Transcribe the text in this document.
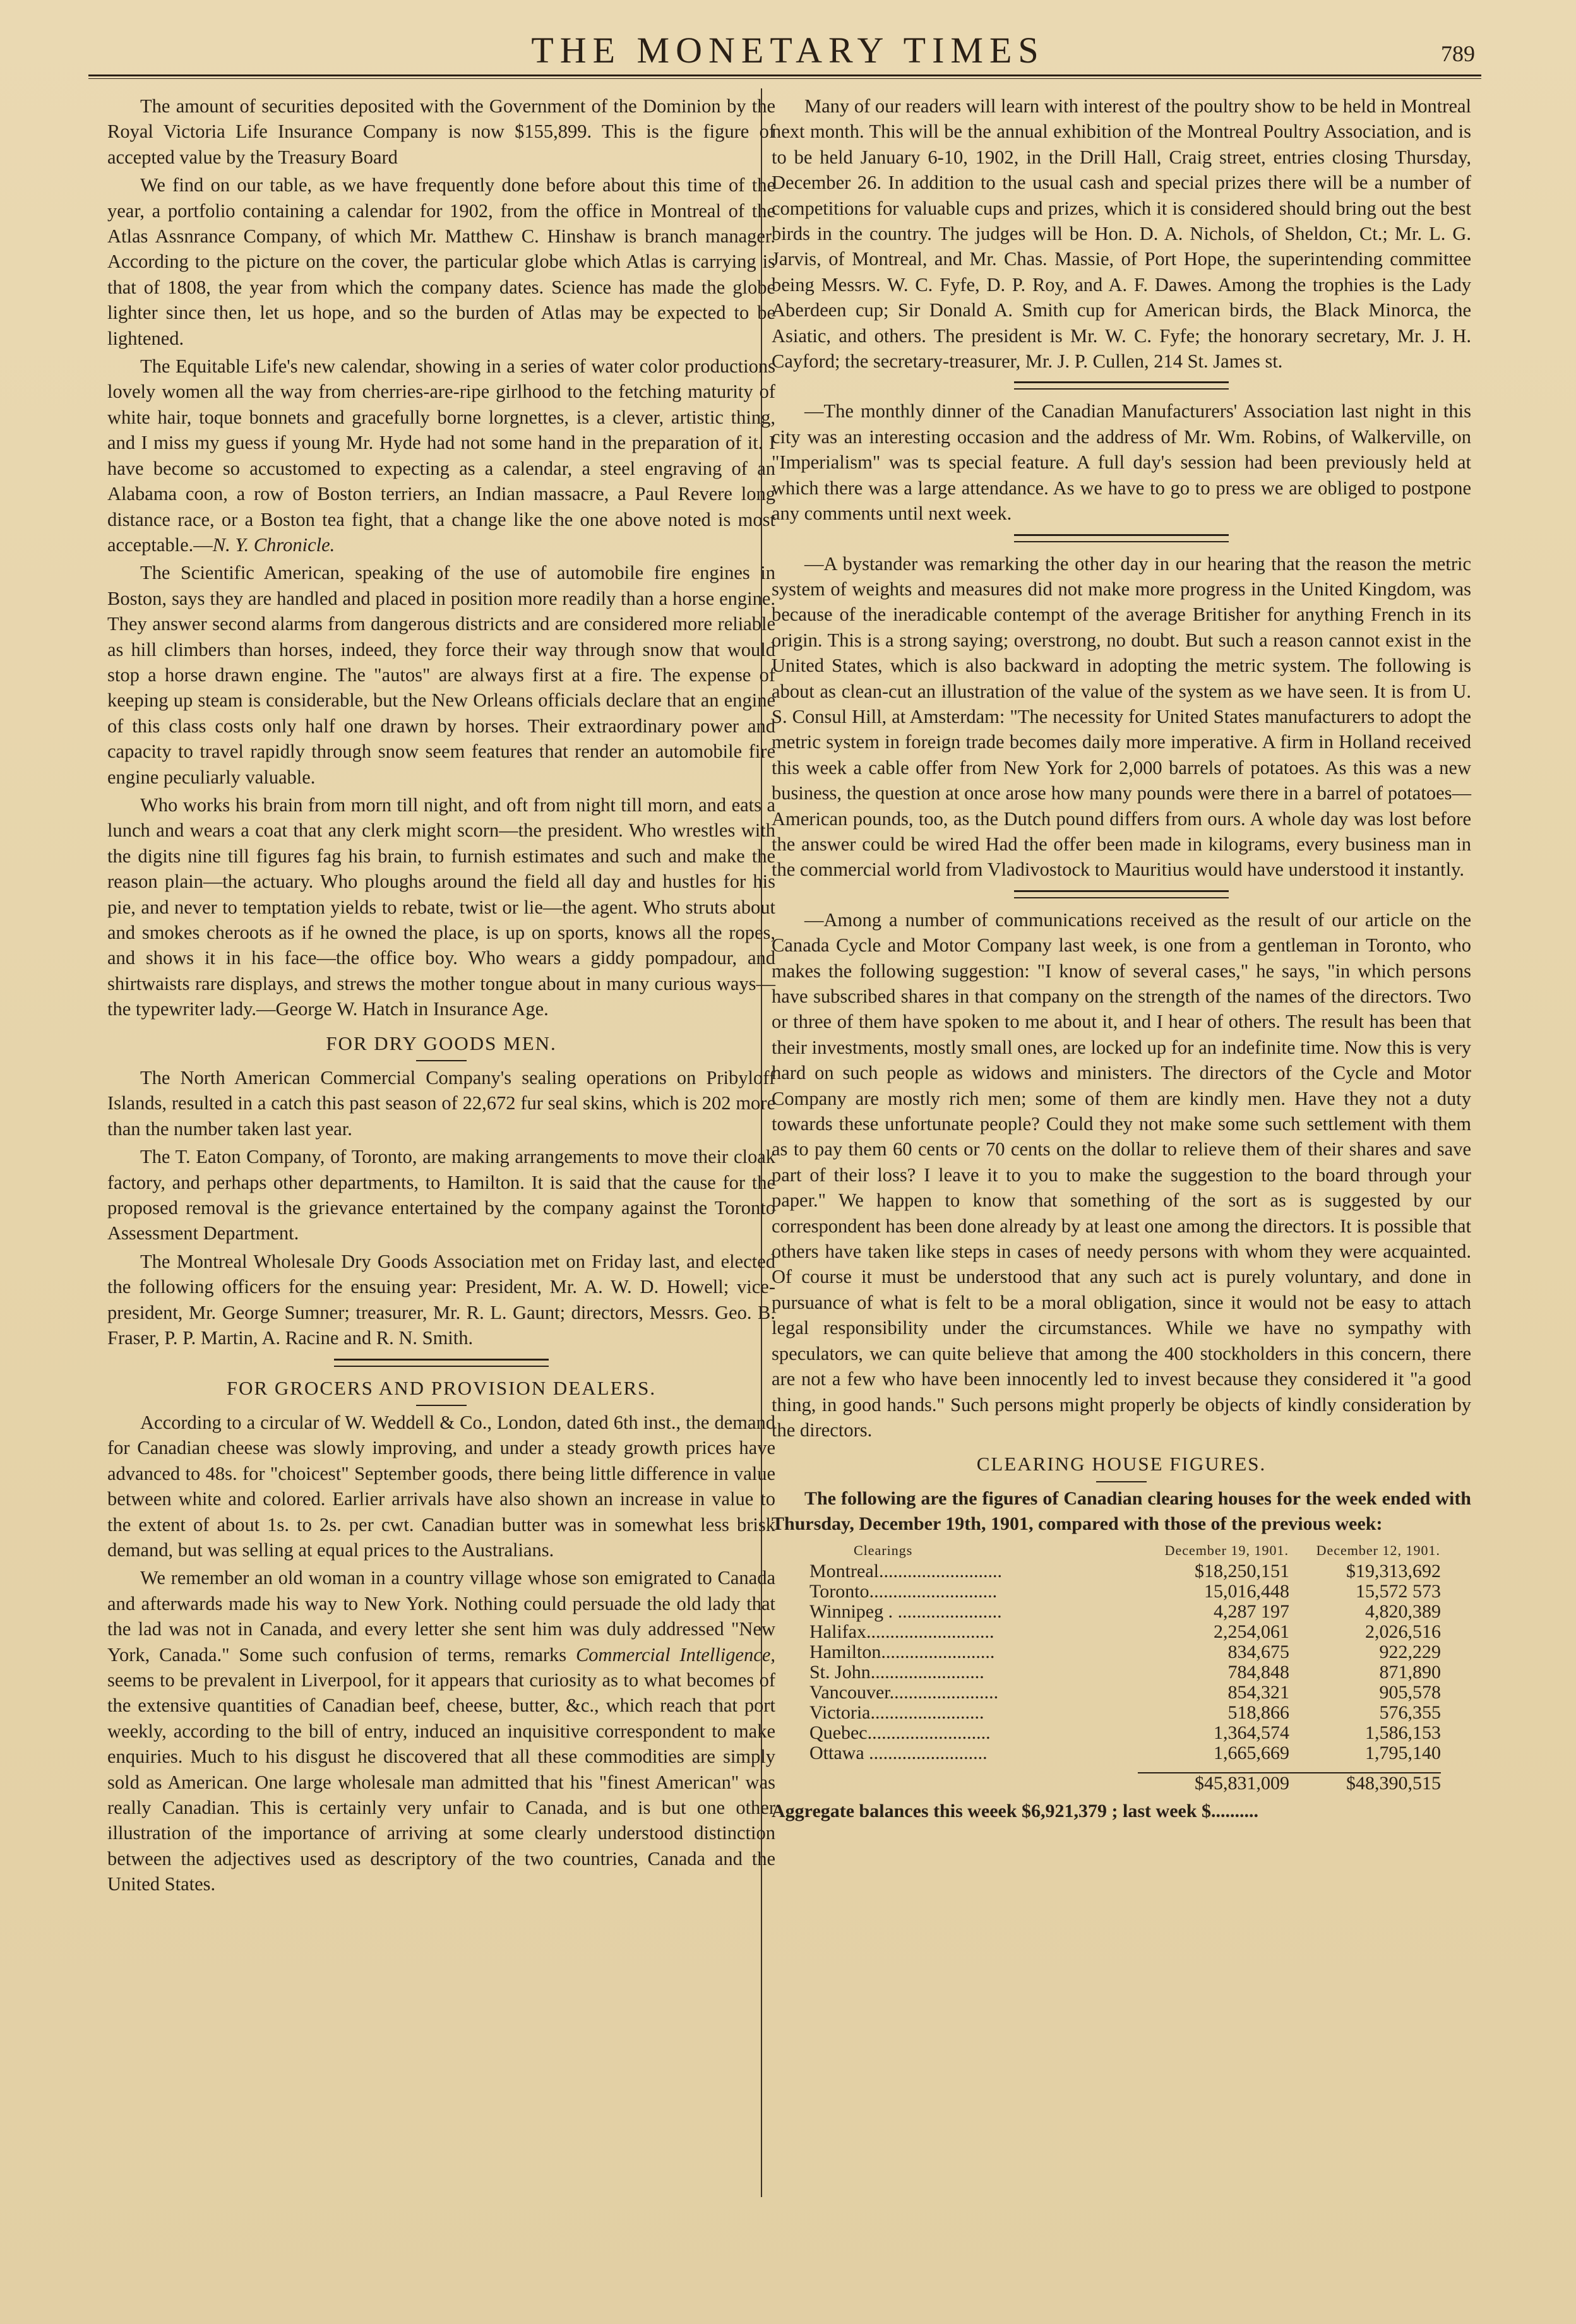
THE MONETARY TIMES	789

The amount of securities deposited with the Government of the Dominion by the Royal Victoria Life Insurance Company is now $155,899. This is the figure of accepted value by the Treasury Board

We find on our table, as we have frequently done before about this time of the year, a portfolio containing a calendar for 1902, from the office in Montreal of the Atlas Assnrance Company, of which Mr. Matthew C. Hinshaw is branch manager. According to the picture on the cover, the particular globe which Atlas is carrying is that of 1808, the year from which the company dates. Science has made the globe lighter since then, let us hope, and so the burden of Atlas may be expected to be lightened.

The Equitable Life's new calendar, showing in a series of water color productions lovely women all the way from cherries-are-ripe girlhood to the fetching maturity of white hair, toque bonnets and gracefully borne lorgnettes, is a clever, artistic thing, and I miss my guess if young Mr. Hyde had not some hand in the preparation of it. I have become so accustomed to expecting as a calendar, a steel engraving of an Alabama coon, a row of Boston terriers, an Indian massacre, a Paul Revere long distance race, or a Boston tea fight, that a change like the one above noted is most acceptable.—N. Y. Chronicle.

The Scientific American, speaking of the use of automobile fire engines in Boston, says they are handled and placed in position more readily than a horse engine. They answer second alarms from dangerous districts and are considered more reliable as hill climbers than horses, indeed, they force their way through snow that would stop a horse drawn engine. The "autos" are always first at a fire. The expense of keeping up steam is considerable, but the New Orleans officials declare that an engine of this class costs only half one drawn by horses. Their extraordinary power and capacity to travel rapidly through snow seem features that render an automobile fire engine peculiarly valuable.

Who works his brain from morn till night, and oft from night till morn, and eats a lunch and wears a coat that any clerk might scorn—the president. Who wrestles with the digits nine till figures fag his brain, to furnish estimates and such and make the reason plain—the actuary. Who ploughs around the field all day and hustles for his pie, and never to temptation yields to rebate, twist or lie—the agent. Who struts about and smokes cheroots as if he owned the place, is up on sports, knows all the ropes, and shows it in his face—the office boy. Who wears a giddy pompadour, and shirtwaists rare displays, and strews the mother tongue about in many curious ways—the typewriter lady.—George W. Hatch in Insurance Age.

FOR DRY GOODS MEN.

The North American Commercial Company's sealing operations on Pribyloff Islands, resulted in a catch this past season of 22,672 fur seal skins, which is 202 more than the number taken last year.

The T. Eaton Company, of Toronto, are making arrangements to move their cloak factory, and perhaps other departments, to Hamilton. It is said that the cause for the proposed removal is the grievance entertained by the company against the Toronto Assessment Department.

The Montreal Wholesale Dry Goods Association met on Friday last, and elected the following officers for the ensuing year: President, Mr. A. W. D. Howell; vice-president, Mr. George Sumner; treasurer, Mr. R. L. Gaunt; directors, Messrs. Geo. B. Fraser, P. P. Martin, A. Racine and R. N. Smith.

FOR GROCERS AND PROVISION DEALERS.

According to a circular of W. Weddell & Co., London, dated 6th inst., the demand for Canadian cheese was slowly improving, and under a steady growth prices have advanced to 48s. for "choicest" September goods, there being little difference in value between white and colored. Earlier arrivals have also shown an increase in value to the extent of about 1s. to 2s. per cwt. Canadian butter was in somewhat less brisk demand, but was selling at equal prices to the Australians.

We remember an old woman in a country village whose son emigrated to Canada and afterwards made his way to New York. Nothing could persuade the old lady that the lad was not in Canada, and every letter she sent him was duly addressed "New York, Canada." Some such confusion of terms, remarks Commercial Intelligence, seems to be prevalent in Liverpool, for it appears that curiosity as to what becomes of the extensive quantities of Canadian beef, cheese, butter, &c., which reach that port weekly, according to the bill of entry, induced an inquisitive correspondent to make enquiries. Much to his disgust he discovered that all these commodities are simply sold as American. One large wholesale man admitted that his "finest American" was really Canadian. This is certainly very unfair to Canada, and is but one other illustration of the importance of arriving at some clearly understood distinction between the adjectives used as descriptory of the two countries, Canada and the United States.

Many of our readers will learn with interest of the poultry show to be held in Montreal next month. This will be the annual exhibition of the Montreal Poultry Association, and is to be held January 6-10, 1902, in the Drill Hall, Craig street, entries closing Thursday, December 26. In addition to the usual cash and special prizes there will be a number of competitions for valuable cups and prizes, which it is considered should bring out the best birds in the country. The judges will be Hon. D. A. Nichols, of Sheldon, Ct.; Mr. L. G. Jarvis, of Montreal, and Mr. Chas. Massie, of Port Hope, the superintending committee being Messrs. W. C. Fyfe, D. P. Roy, and A. F. Dawes. Among the trophies is the Lady Aberdeen cup; Sir Donald A. Smith cup for American birds, the Black Minorca, the Asiatic, and others. The president is Mr. W. C. Fyfe; the honorary secretary, Mr. J. H. Cayford; the secretary-treasurer, Mr. J. P. Cullen, 214 St. James st.

—The monthly dinner of the Canadian Manufacturers' Association last night in this city was an interesting occasion and the address of Mr. Wm. Robins, of Walkerville, on "Imperialism" was ts special feature. A full day's session had been previously held at which there was a large attendance. As we have to go to press we are obliged to postpone any comments until next week.

—A bystander was remarking the other day in our hearing that the reason the metric system of weights and measures did not make more progress in the United Kingdom, was because of the ineradicable contempt of the average Britisher for anything French in its origin. This is a strong saying; overstrong, no doubt. But such a reason cannot exist in the United States, which is also backward in adopting the metric system. The following is about as clean-cut an illustration of the value of the system as we have seen. It is from U. S. Consul Hill, at Amsterdam: "The necessity for United States manufacturers to adopt the metric system in foreign trade becomes daily more imperative. A firm in Holland received this week a cable offer from New York for 2,000 barrels of potatoes. As this was a new business, the question at once arose how many pounds were there in a barrel of potatoes—American pounds, too, as the Dutch pound differs from ours. A whole day was lost before the answer could be wired Had the offer been made in kilograms, every business man in the commercial world from Vladivostock to Mauritius would have understood it instantly.

—Among a number of communications received as the result of our article on the Canada Cycle and Motor Company last week, is one from a gentleman in Toronto, who makes the following suggestion: "I know of several cases," he says, "in which persons have subscribed shares in that company on the strength of the names of the directors. Two or three of them have spoken to me about it, and I hear of others. The result has been that their investments, mostly small ones, are locked up for an indefinite time. Now this is very hard on such people as widows and ministers. The directors of the Cycle and Motor Company are mostly rich men; some of them are kindly men. Have they not a duty towards these unfortunate people? Could they not make some such settlement with them as to pay them 60 cents or 70 cents on the dollar to relieve them of their shares and save part of their loss? I leave it to you to make the suggestion to the board through your paper." We happen to know that something of the sort as is suggested by our correspondent has been done already by at least one among the directors. It is possible that others have taken like steps in cases of needy persons with whom they were acquainted. Of course it must be understood that any such act is purely voluntary, and done in pursuance of what is felt to be a moral obligation, since it would not be easy to attach legal responsibility under the circumstances. While we have no sympathy with speculators, we can quite believe that among the 400 stockholders in this concern, there are not a few who have been innocently led to invest because they considered it "a good thing, in good hands." Such persons might properly be objects of kindly consideration by the directors.

CLEARING HOUSE FIGURES.

The following are the figures of Canadian clearing houses for the week ended with Thursday, December 19th, 1901, compared with those of the previous week:

Clearings	December 19, 1901.	December 12, 1901.
Montreal..........................	$18,250,151	$19,313,692
Toronto...........................	15,016,448	15,572 573
Winnipeg . ......................	4,287 197	4,820,389
Halifax...........................	2,254,061	2,026,516
Hamilton........................	834,675	922,229
St. John........................	784,848	871,890
Vancouver.......................	854,321	905,578
Victoria........................	518,866	576,355
Quebec..........................	1,364,574	1,586,153
Ottawa .........................	1,665,669	1,795,140

$45,831,009	$48,390,515
Aggregate balances this weeek $6,921,379 ; last week $..........
